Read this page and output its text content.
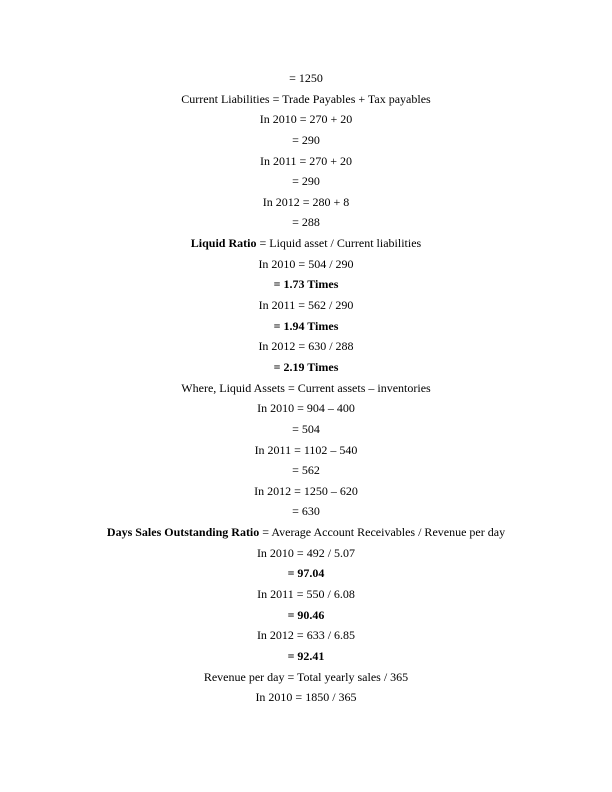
= 1250
Current Liabilities = Trade Payables + Tax payables
In 2010 = 270 + 20
= 290
In 2011 = 270 + 20
= 290
In 2012 = 280 + 8
= 288
Liquid Ratio = Liquid asset / Current liabilities
In 2010 = 504 / 290
= 1.73 Times
In 2011 = 562 / 290
= 1.94 Times
In 2012 = 630 / 288
= 2.19 Times
Where, Liquid Assets = Current assets – inventories
In 2010 = 904 – 400
= 504
In 2011 = 1102 – 540
= 562
In 2012 = 1250 – 620
= 630
Days Sales Outstanding Ratio = Average Account Receivables / Revenue per day
In 2010 = 492 / 5.07
= 97.04
In 2011 = 550 / 6.08
= 90.46
In 2012 = 633 / 6.85
= 92.41
Revenue per day = Total yearly sales / 365
In 2010 = 1850 / 365
